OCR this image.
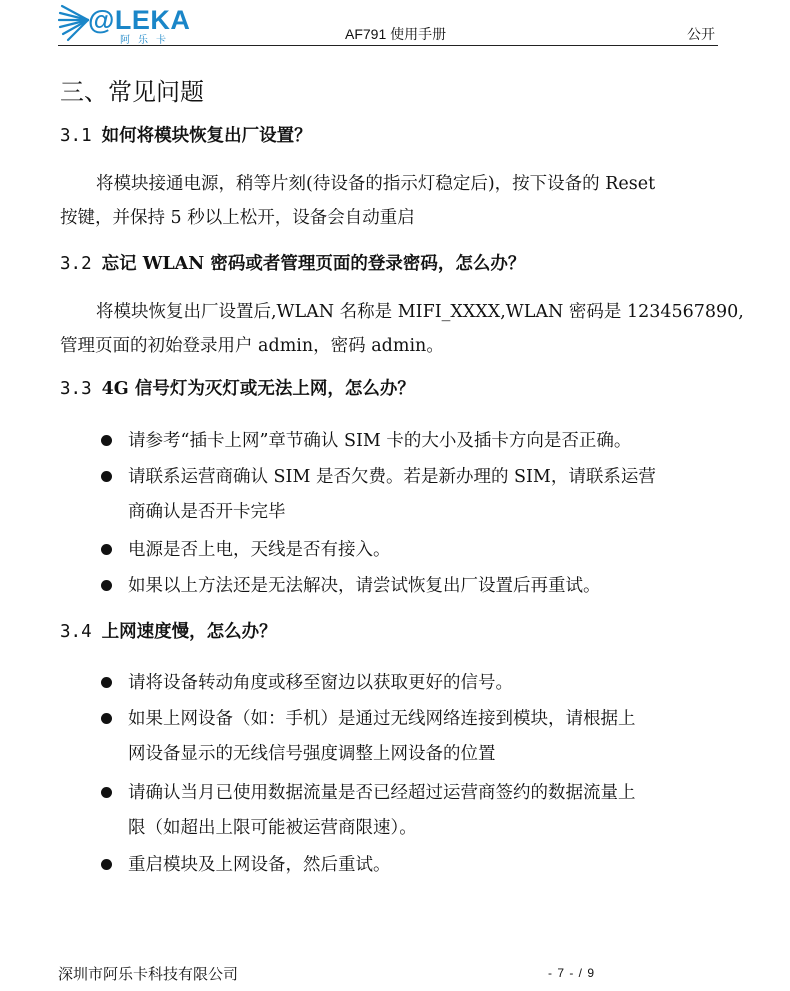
@LEKA
阿乐卡	AF791 使用手册	公开
三、常见问题
3.1 如何将模块恢复出厂设置？
将模块接通电源，稍等片刻(待设备的指示灯稳定后)，按下设备的 Reset
按键，并保持 5 秒以上松开，设备会自动重启
3.2 忘记 WLAN 密码或者管理页面的登录密码，怎么办？
将模块恢复出厂设置后,WLAN 名称是 MIFI_XXXX,WLAN 密码是 1234567890,
管理页面的初始登录用户 admin，密码 admin。
3.3 4G 信号灯为灭灯或无法上网，怎么办？
请参考“插卡上网”章节确认 SIM 卡的大小及插卡方向是否正确。
请联系运营商确认 SIM 是否欠费。若是新办理的 SIM，请联系运营
商确认是否开卡完毕
电源是否上电，天线是否有接入。
如果以上方法还是无法解决，请尝试恢复出厂设置后再重试。
3.4 上网速度慢，怎么办？
请将设备转动角度或移至窗边以获取更好的信号。
如果上网设备（如：手机）是通过无线网络连接到模块，请根据上
网设备显示的无线信号强度调整上网设备的位置
请确认当月已使用数据流量是否已经超过运营商签约的数据流量上
限（如超出上限可能被运营商限速）。
重启模块及上网设备，然后重试。
深圳市阿乐卡科技有限公司	- 7 - / 9
